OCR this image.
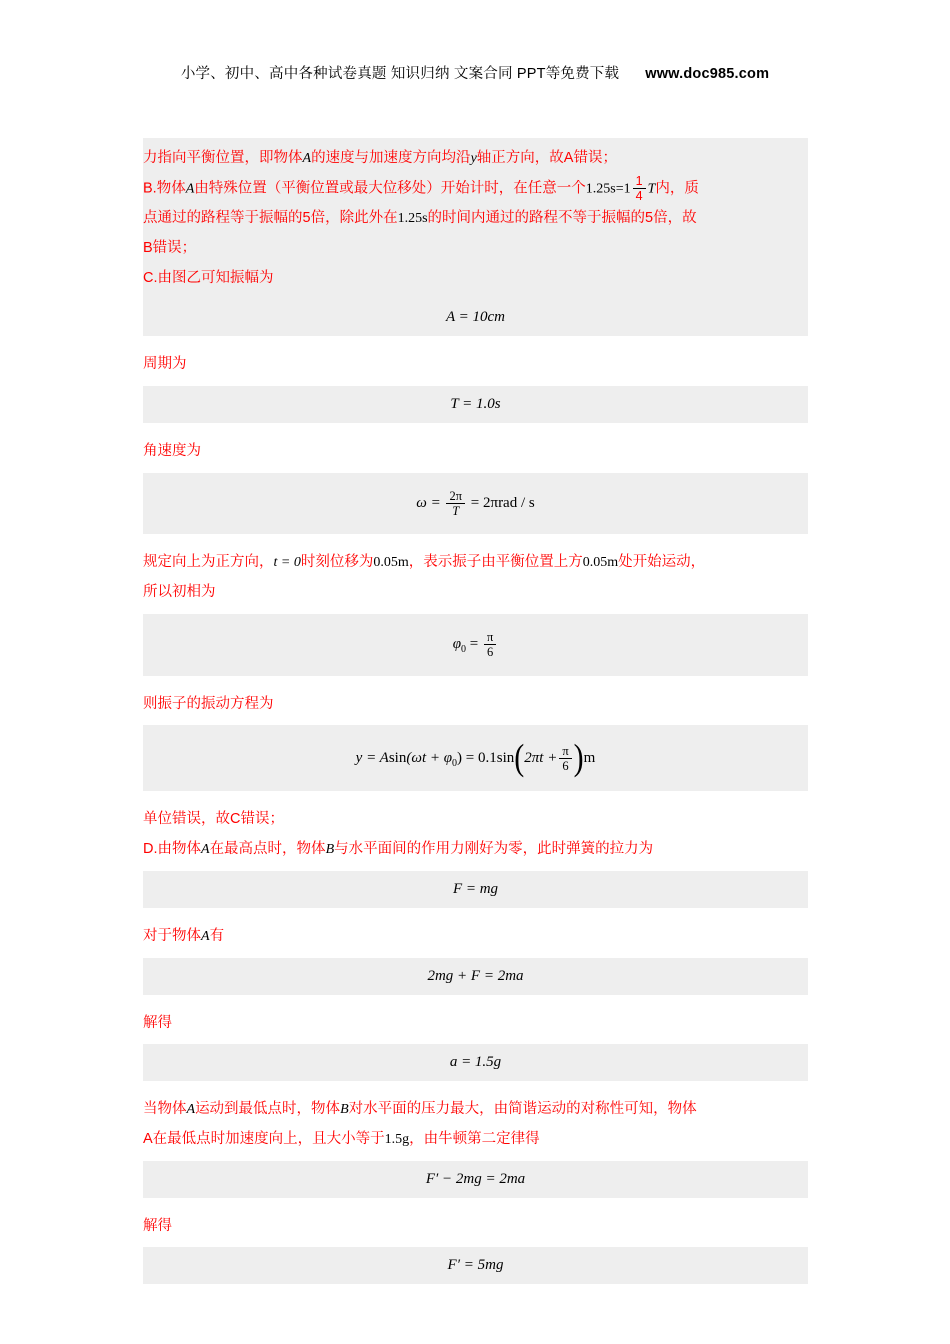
小学、初中、高中各种试卷真题 知识归纳 文案合同 PPT等免费下载 www.doc985.com
力指向平衡位置，即物体A的速度与加速度方向均沿y轴正方向，故A错误；
B.物体A由特殊位置（平衡位置或最大位移处）开始计时，在任意一个$1.25s=1 \frac{1}{4}$ T内，质
点通过的路程等于振幅的5倍，除此外在1.25s的时间内通过的路程不等于振幅的5倍，故
B错误；
C.由图乙可知振幅为
A = 10cm
周期为
T = 1.0s
角速度为
$\omega = \frac{2\pi}{T} = 2\pi rad / s$
规定向上为正方向，t = 0时刻位移为0.05m，表示振子由平衡位置上方0.05m处开始运动，
所以初相为
$\varphi_0 = \frac{\pi}{6}$
则振子的振动方程为
$y = Asin(\omega t + \varphi_0) = 0.1\sin(2\pi t + \frac{\pi}{6} )m$
单位错误，故C错误；
D.由物体A在最高点时，物体B与水平面间的作用力刚好为零，此时弹簧的拉力为
F = mg
对于物体A有
2mg + F = 2ma
解得
a = 1.5g
当物体A运动到最低点时，物体B对水平面的压力最大，由简谐运动的对称性可知，物体
A在最低点时加速度向上，且大小等于1.5g，由牛顿第二定律得
F′ − 2mg = 2ma
解得
F′ = 5mg
